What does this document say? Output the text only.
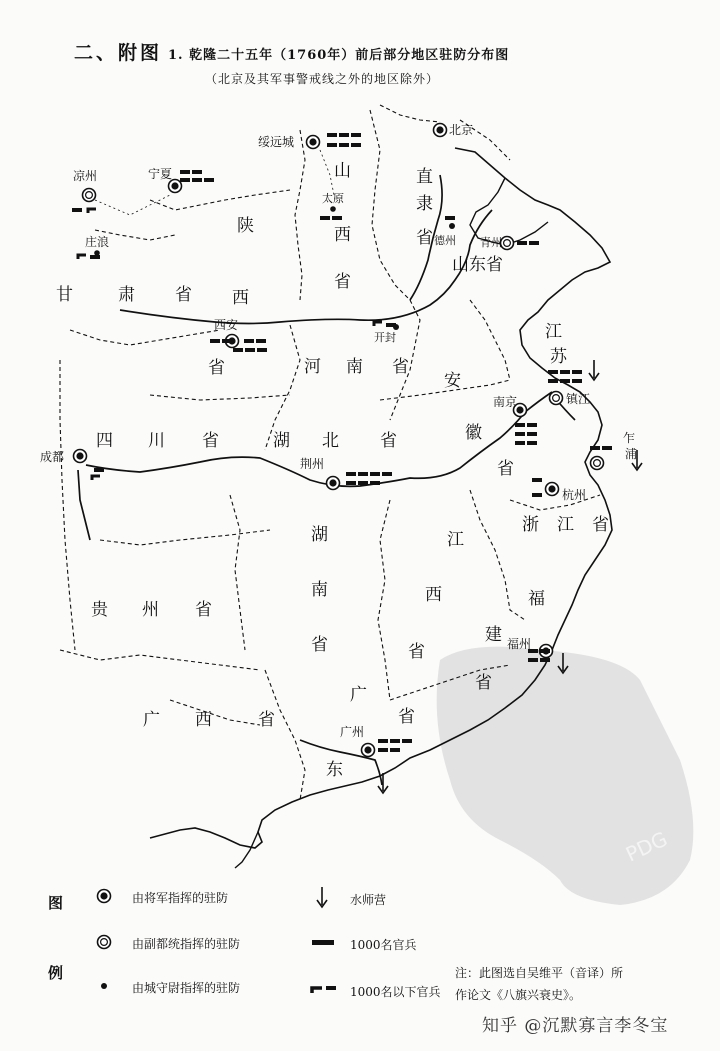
二、附图 1. 乾隆二十五年（1760年）前后部分地区驻防分布图
（北京及其军事警戒线之外的地区除外）
PDG
北京
绥远城
宁夏
凉州
庄浪
太原
德州 青州
西安
开封
南京	镇江
乍
浦
杭州
成都	荆州
福州
广州
山
西
省
直
隶
省
陕
西
省
甘	肃 省
山东省
江
苏
河 南 省
安
徽
省
四 川 省	湖 北 省
浙 江 省
湖
南
省
江
西
省
福
建
省
贵 州 省
广 西	省
广
东
省
图
例
由将军指挥的驻防
由副都统指挥的驻防
由城守尉指挥的驻防
水师营
1000名官兵
1000名以下官兵
注：此图选自吴维平（音译）所
作论文《八旗兴衰史》。
知乎 @沉默寡言李冬宝
